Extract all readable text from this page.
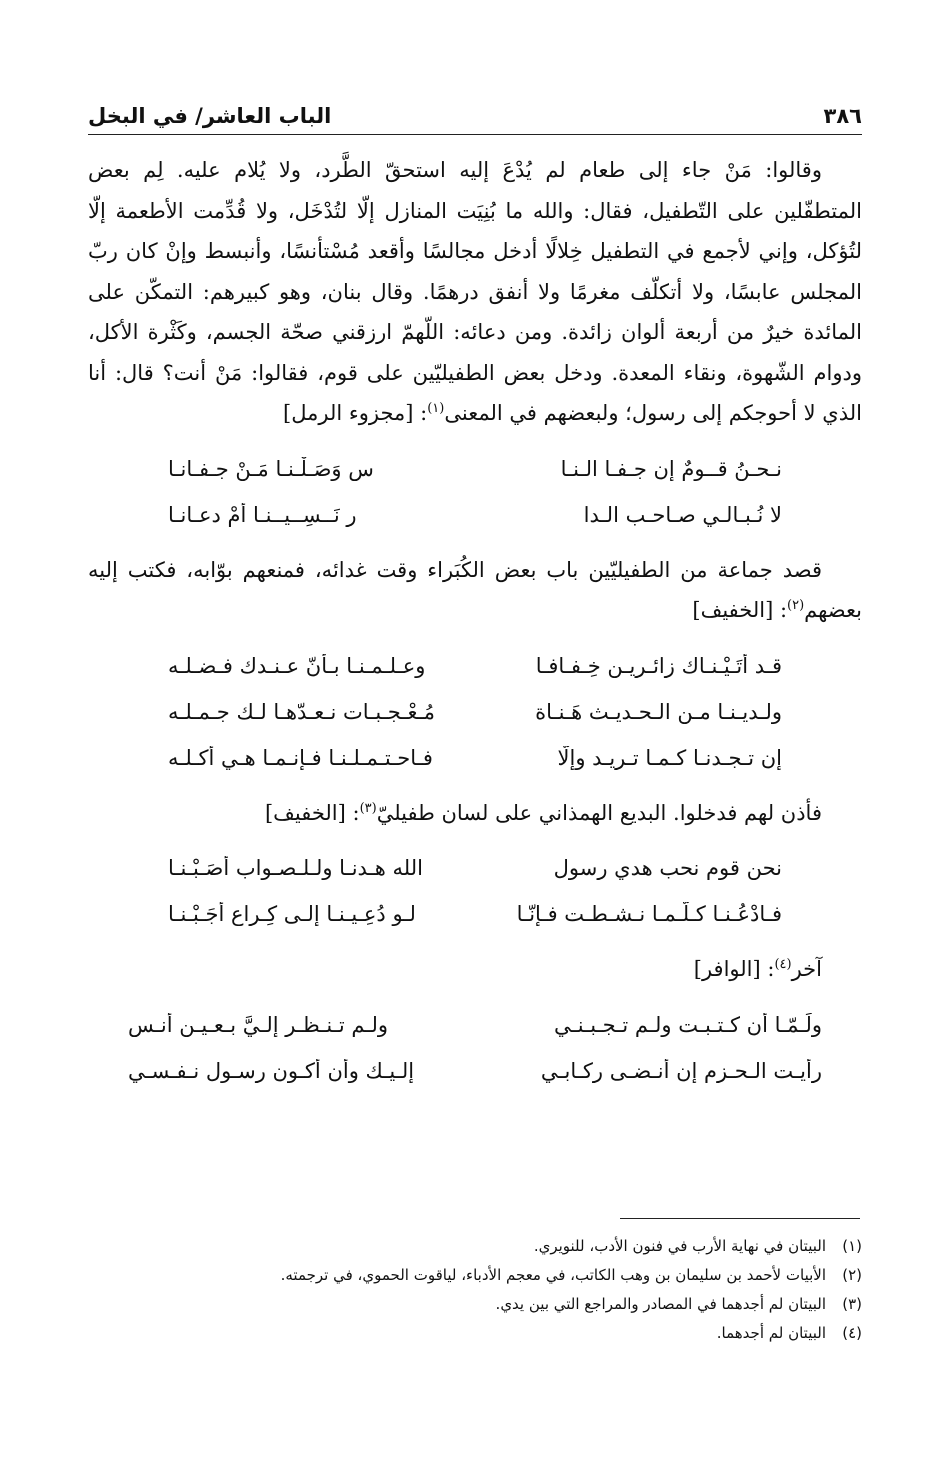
٣٨٦
الباب العاشر/ في البخل

وقالوا: مَنْ جاء إلى طعام لم يُدْعَ إليه استحقّ الطَّرد، ولا يُلام عليه. لِم بعض المتطفّلين على التّطفيل، فقال: والله ما بُنِيَت المنازل إلّا لتُدْخَل، ولا قُدِّمت الأطعمة إلّا لتُؤكل، وإني لأجمع في التطفيل خِلالًا أدخل مجالسًا وأقعد مُسْتأنسًا، وأنبسط وإنْ كان ربّ المجلس عابسًا، ولا أتكلّف مغرمًا ولا أنفق درهمًا. وقال بنان، وهو كبيرهم: التمكّن على المائدة خيرٌ من أربعة ألوان زائدة. ومن دعائه: اللّهمّ ارزقني صحّة الجسم، وكَثْرة الأكل، ودوام الشّهوة، ونقاء المعدة. ودخل بعض الطفيليّين على قوم، فقالوا: مَنْ أنت؟ قال: أنا الذي لا أحوجكم إلى رسول؛ ولبعضهم في المعنى$^{(١)}$: [مجزوء الرمل]

نـحـنُ قــومٌ إن جـفـا الـنـا
س وَصَـلْـنـا مَـنْ جـفـانـا
لا نُـبـالـي صـاحـب الـدا
ر نَــسِــيــنـا أمْ دعـانـا

قصد جماعة من الطفيليّين باب بعض الكُبَراء وقت غدائه، فمنعهم بوّابه، فكتب إليه بعضهم$^{(٢)}$: [الخفيف]

قـد أتَـيْـنـاك زائـريـن خِـفـافـا
وعـلـمـنـا بـأنّ عـنـدك فـضـلـه
ولـديـنـا مـن الـحـديـث هَـنـاة
مُـعْـجـبـات نـعـدّهـا لـك جـمـلـه
إن تـجـدنـا كـمـا تـريـد وإلّا
فـاحـتـمـلـنـا فـإنـمـا هـي أكـلـه

فأذن لهم فدخلوا. البديع الهمذاني على لسان طفيليّ$^{(٣)}$: [الخفيف]

نحن قوم نحب هدي رسول
الله هـدنـا ولـلـصـواب أصَـبْـنـا
فـادْعُـنـا كـلّـمـا نـشـطـت فـإنّـا
لـو دُعِـيـنـا إلـى كِـراعِ أجَـبْـنـا

آخر$^{(٤)}$: [الوافر]

ولَـمّـا أن كـتـبـت ولـم تـجـبـنـي
ولـم تـنـظـر إلـيَّ بـعـيـن أنـسِ
رأيـت الـحـزم إن أنـضـى ركـابـي
إلـيـك وأن أكـون رسـول نـفـسـي
(١)البيتان في نهاية الأرب في فنون الأدب، للنويري.
(٢)الأبيات لأحمد بن سليمان بن وهب الكاتب، في معجم الأدباء، لياقوت الحموي، في ترجمته.
(٣)البيتان لم أجدهما في المصادر والمراجع التي بين يدي.
(٤)البيتان لم أجدهما.
